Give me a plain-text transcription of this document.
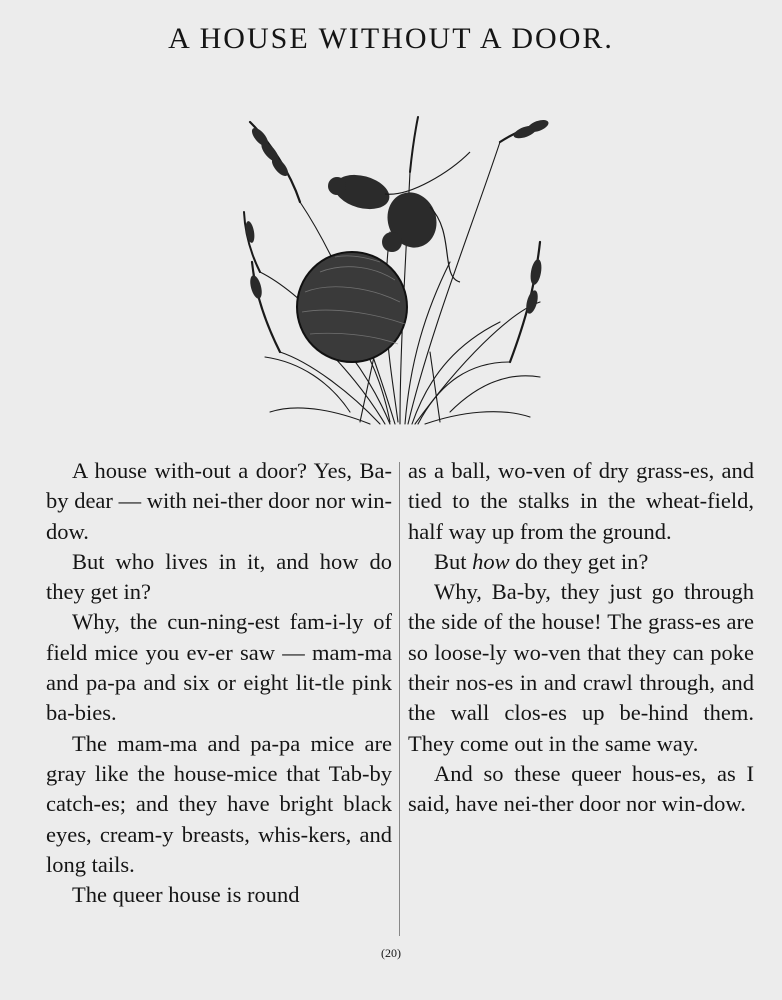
A HOUSE WITHOUT A DOOR.

A house with-out a door? Yes, Ba-by dear — with nei-ther door nor win-dow.

But who lives in it, and how do they get in?

Why, the cun-ning-est fam-i-ly of field mice you ev-er saw — mam-ma and pa-pa and six or eight lit-tle pink ba-bies.

The mam-ma and pa-pa mice are gray like the house-mice that Tab-by catch-es; and they have bright black eyes, cream-y breasts, whis-kers, and long tails.

The queer house is round

as a ball, wo-ven of dry grass-es, and tied to the stalks in the wheat-field, half way up from the ground.

But how do they get in?

Why, Ba-by, they just go through the side of the house! The grass-es are so loose-ly wo-ven that they can poke their nos-es in and crawl through, and the wall clos-es up be-hind them. They come out in the same way.

And so these queer hous-es, as I said, have nei-ther door nor win-dow.

(20)
